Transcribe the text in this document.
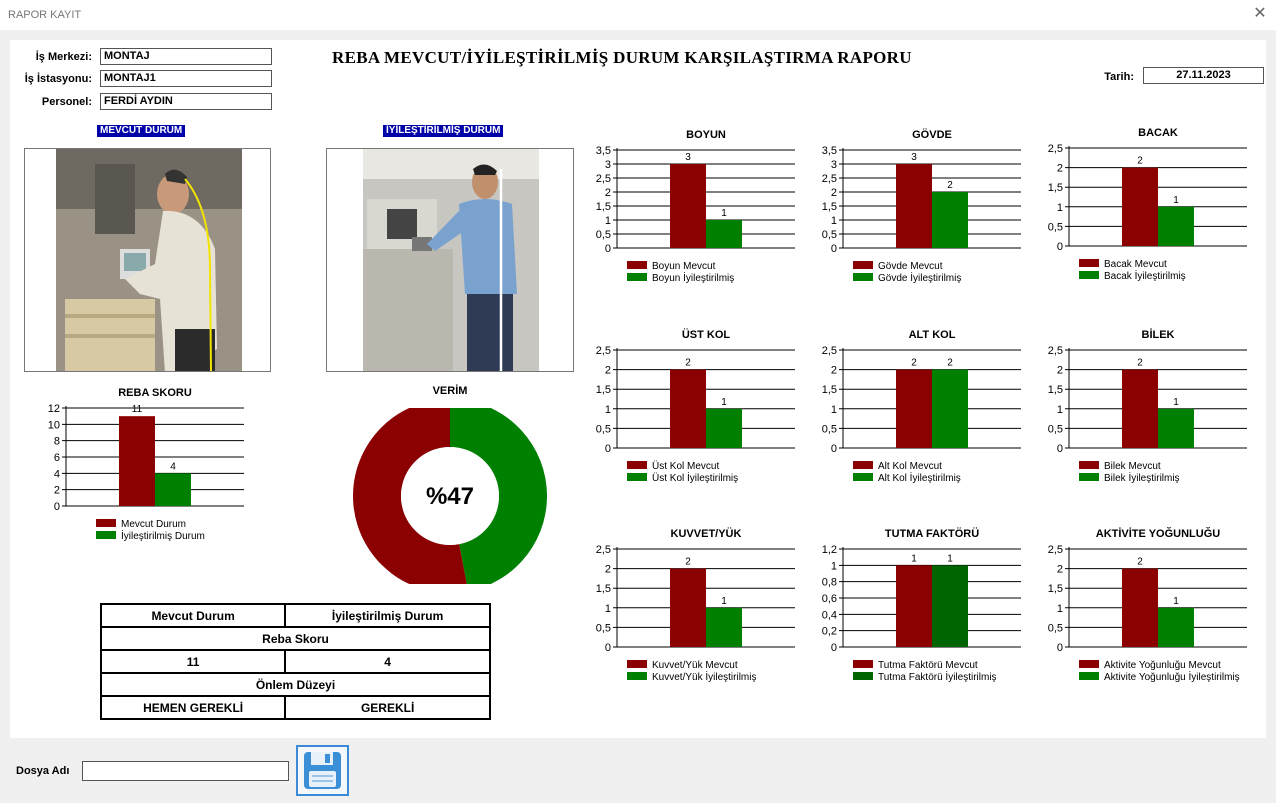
RAPOR KAYIT	✕
İş Merkezi:	MONTAJ
İş İstasyonu:	MONTAJ1
Personel:	FERDİ AYDIN
REBA MEVCUT/İYİLEŞTİRİLMİŞ DURUM KARŞILAŞTIRMA RAPORU
Tarih:	27.11.2023
MEVCUT DURUM	İYİLEŞTİRİLMİŞ DURUM
REBA SKORU
0
2
4
6
8
10
12	11
4
Mevcut Durum
İyileştirilmiş Durum
BOYUN
0
0,5
1
1,5
2
2,5
3
3,5
3
1
Boyun Mevcut
Boyun İyileştirilmiş
GÖVDE
0
0,5
1
1,5
2
2,5
3
3,5
3
2
Gövde Mevcut
Gövde İyileştirilmiş
BACAK
0
0,5
1
1,5
2
2,5
2
1
Bacak Mevcut
Bacak İyileştirilmiş
ÜST KOL
0
0,5
1
1,5
2
2,5
2
1
Üst Kol Mevcut
Üst Kol İyileştirilmiş
ALT KOL
0
0,5
1
1,5
2
2,5
2	2
Alt Kol Mevcut
Alt Kol İyileştirilmiş
BİLEK
0
0,5
1
1,5
2
2,5
2
1
Bilek Mevcut
Bilek İyileştirilmiş
KUVVET/YÜK
0
0,5
1
1,5
2
2,5
2
1
Kuvvet/Yük Mevcut
Kuvvet/Yük İyileştirilmiş
TUTMA FAKTÖRÜ
0
0,2
0,4
0,6
0,8
1
1,2
1	1
Tutma Faktörü Mevcut
Tutma Faktörü İyileştirilmiş
AKTİVİTE YOĞUNLUĞU
0
0,5
1
1,5
2
2,5
2
1
Aktivite Yoğunluğu Mevcut
Aktivite Yoğunluğu İyileştirilmiş
VERİM
%47
Mevcut Durum	İyileştirilmiş Durum
Reba Skoru	
11	4
Önlem Düzeyi	
HEMEN GEREKLİ	GEREKLİ
Dosya Adı
